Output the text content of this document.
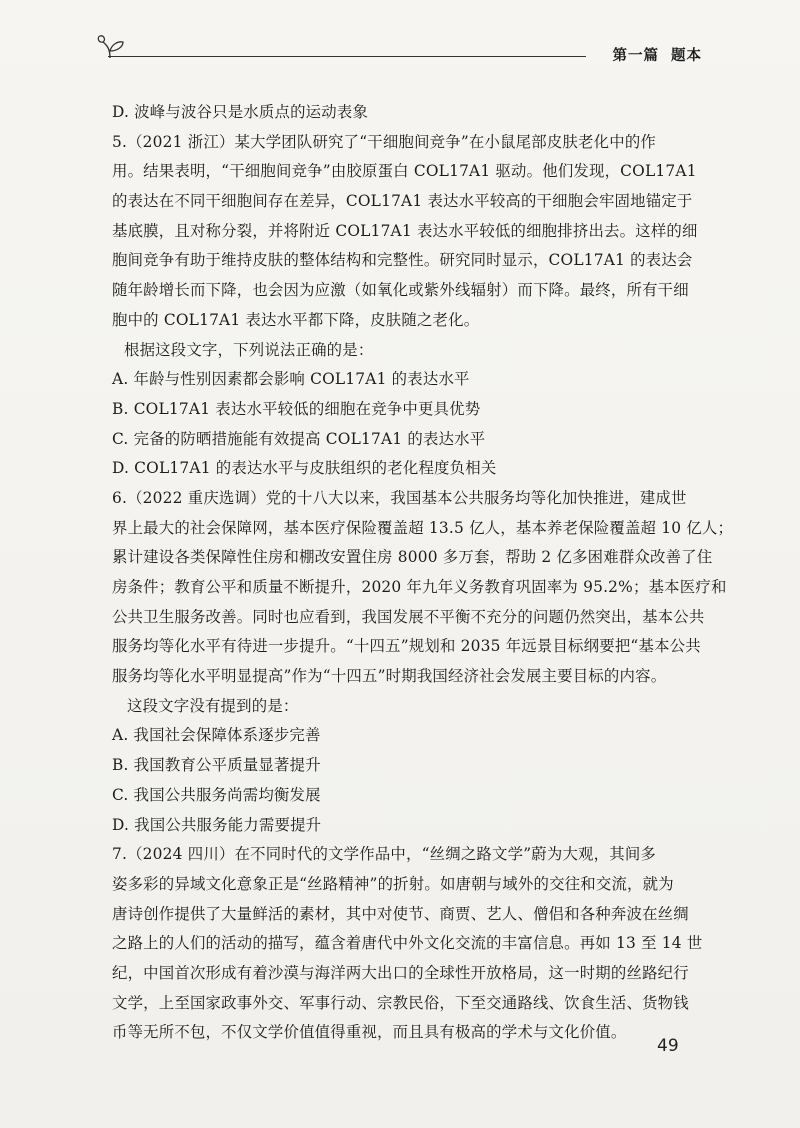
第一篇 题本
D. 波峰与波谷只是水质点的运动表象
5.（2021 浙江）某大学团队研究了“干细胞间竞争”在小鼠尾部皮肤老化中的作
用。结果表明，“干细胞间竞争”由胶原蛋白 COL17A1 驱动。他们发现，COL17A1
的表达在不同干细胞间存在差异，COL17A1 表达水平较高的干细胞会牢固地锚定于
基底膜，且对称分裂，并将附近 COL17A1 表达水平较低的细胞排挤出去。这样的细
胞间竞争有助于维持皮肤的整体结构和完整性。研究同时显示，COL17A1 的表达会
随年龄增长而下降，也会因为应激（如氧化或紫外线辐射）而下降。最终，所有干细
胞中的 COL17A1 表达水平都下降，皮肤随之老化。
根据这段文字，下列说法正确的是：
A. 年龄与性别因素都会影响 COL17A1 的表达水平
B. COL17A1 表达水平较低的细胞在竞争中更具优势
C. 完备的防晒措施能有效提高 COL17A1 的表达水平
D. COL17A1 的表达水平与皮肤组织的老化程度负相关
6.（2022 重庆选调）党的十八大以来，我国基本公共服务均等化加快推进，建成世
界上最大的社会保障网，基本医疗保险覆盖超 13.5 亿人，基本养老保险覆盖超 10 亿人；
累计建设各类保障性住房和棚改安置住房 8000 多万套，帮助 2 亿多困难群众改善了住
房条件；教育公平和质量不断提升，2020 年九年义务教育巩固率为 95.2%；基本医疗和
公共卫生服务改善。同时也应看到，我国发展不平衡不充分的问题仍然突出，基本公共
服务均等化水平有待进一步提升。“十四五”规划和 2035 年远景目标纲要把“基本公共
服务均等化水平明显提高”作为“十四五”时期我国经济社会发展主要目标的内容。
这段文字没有提到的是：
A. 我国社会保障体系逐步完善
B. 我国教育公平质量显著提升
C. 我国公共服务尚需均衡发展
D. 我国公共服务能力需要提升
7.（2024 四川）在不同时代的文学作品中，“丝绸之路文学”蔚为大观，其间多
姿多彩的异域文化意象正是“丝路精神”的折射。如唐朝与域外的交往和交流，就为
唐诗创作提供了大量鲜活的素材，其中对使节、商贾、艺人、僧侣和各种奔波在丝绸
之路上的人们的活动的描写，蕴含着唐代中外文化交流的丰富信息。再如 13 至 14 世
纪，中国首次形成有着沙漠与海洋两大出口的全球性开放格局，这一时期的丝路纪行
文学，上至国家政事外交、军事行动、宗教民俗，下至交通路线、饮食生活、货物钱
币等无所不包，不仅文学价值值得重视，而且具有极高的学术与文化价值。
49
